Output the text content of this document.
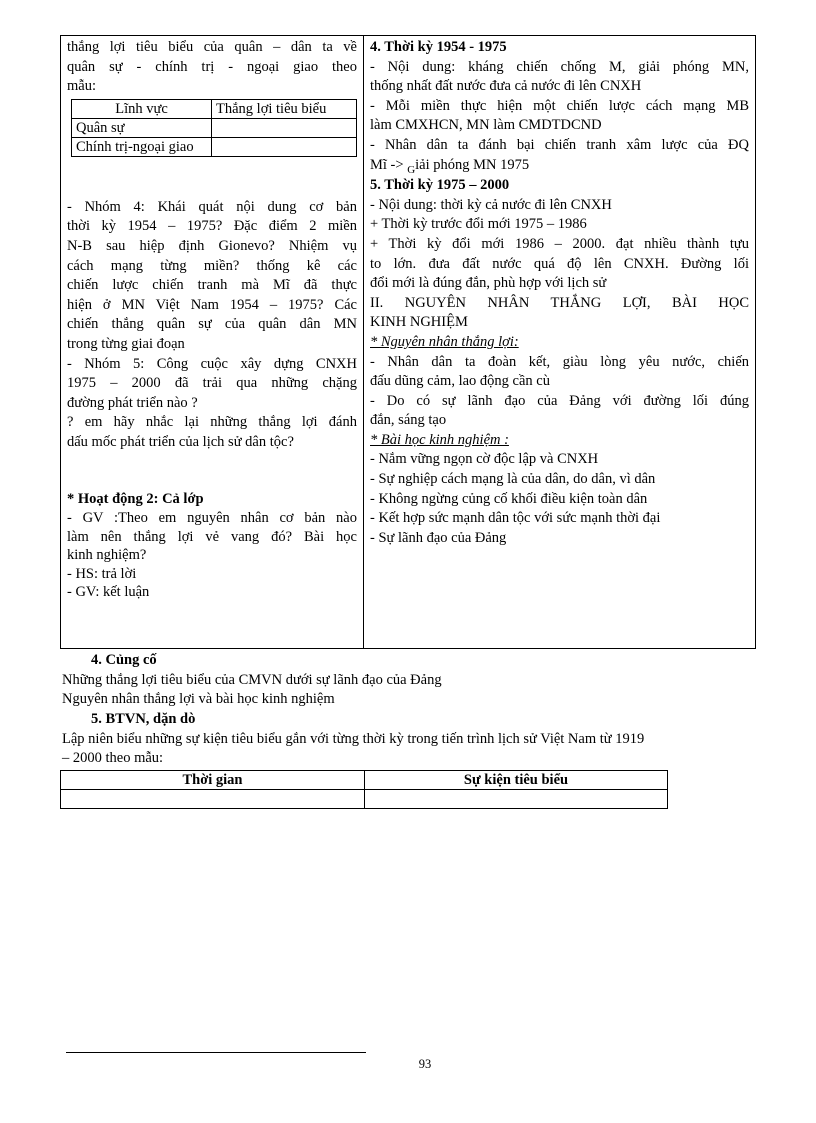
thắng lợi tiêu biểu của quân – dân ta về

quân sự - chính trị - ngoại giao theo

mẫu:

Lĩnh vực	Thắng lợi tiêu biểu
Quân sự	
Chính trị-ngoại giao	

- Nhóm 4: Khái quát nội dung cơ bản

thời kỳ 1954 – 1975? Đặc điểm 2 miền

N-B sau hiệp định Gionevo? Nhiệm vụ

cách mạng từng miền? thống kê các

chiến lược chiến tranh mà Mĩ đã thực

hiện ở MN Việt Nam 1954 – 1975? Các

chiến thắng quân sự của quân dân MN

trong từng giai đoạn

- Nhóm 5: Công cuộc xây dựng CNXH

1975 – 2000 đã trải qua những chặng

đường phát triển nào ?

? em hãy nhắc lại những thắng lợi đánh

dấu mốc phát triển của lịch sử dân tộc?

* Hoạt động 2: Cả lớp

- GV :Theo em nguyên nhân cơ bản nào

làm nên thắng lợi vẻ vang đó? Bài học

kinh nghiệm?

- HS: trả lời

- GV: kết luận

4. Thời kỳ 1954 - 1975

- Nội dung: kháng chiến chống M, giải phóng MN,

thống nhất đất nước đưa cả nước đi lên CNXH

- Mỗi miền thực hiện một chiến lược cách mạng MB

làm CMXHCN, MN làm CMDTDCND

- Nhân dân ta đánh bại chiến tranh xâm lược của ĐQ

Mĩ -> $_G$iải phóng MN 1975

5. Thời kỳ 1975 – 2000

- Nội dung: thời kỳ cả nước đi lên CNXH

+ Thời kỳ trước đổi mới 1975 – 1986

+ Thời kỳ đổi mới 1986 – 2000. đạt nhiều thành tựu

to lớn. đưa đất nước quá độ lên CNXH. Đường lối

đổi mới là đúng đắn, phù hợp với lịch sử

II. NGUYÊN NHÂN THẮNG LỢI, BÀI HỌC

KINH NGHIỆM

* Nguyên nhân thắng lợi:

- Nhân dân ta đoàn kết, giàu lòng yêu nước, chiến

đấu dũng cảm, lao động cần cù

- Do có sự lãnh đạo của Đảng với đường lối đúng

đắn, sáng tạo

* Bài học kinh nghiệm :

- Nắm vững ngọn cờ độc lập và CNXH

- Sự nghiệp cách mạng là của dân, do dân, vì dân

- Không ngừng củng cố khối điều kiện toàn dân

- Kết hợp sức mạnh dân tộc với sức mạnh thời đại

- Sự lãnh đạo của Đảng

4. Củng cố

Những thắng lợi tiêu biểu của CMVN dưới sự lãnh đạo của Đảng

Nguyên nhân thắng lợi và bài học kinh nghiệm

5. BTVN, dặn dò

Lập niên biểu những sự kiện tiêu biểu gắn với từng thời kỳ trong tiến trình lịch sử Việt Nam từ 1919

– 2000 theo mẫu:

Thời gian	Sự kiện tiêu biểu

93
